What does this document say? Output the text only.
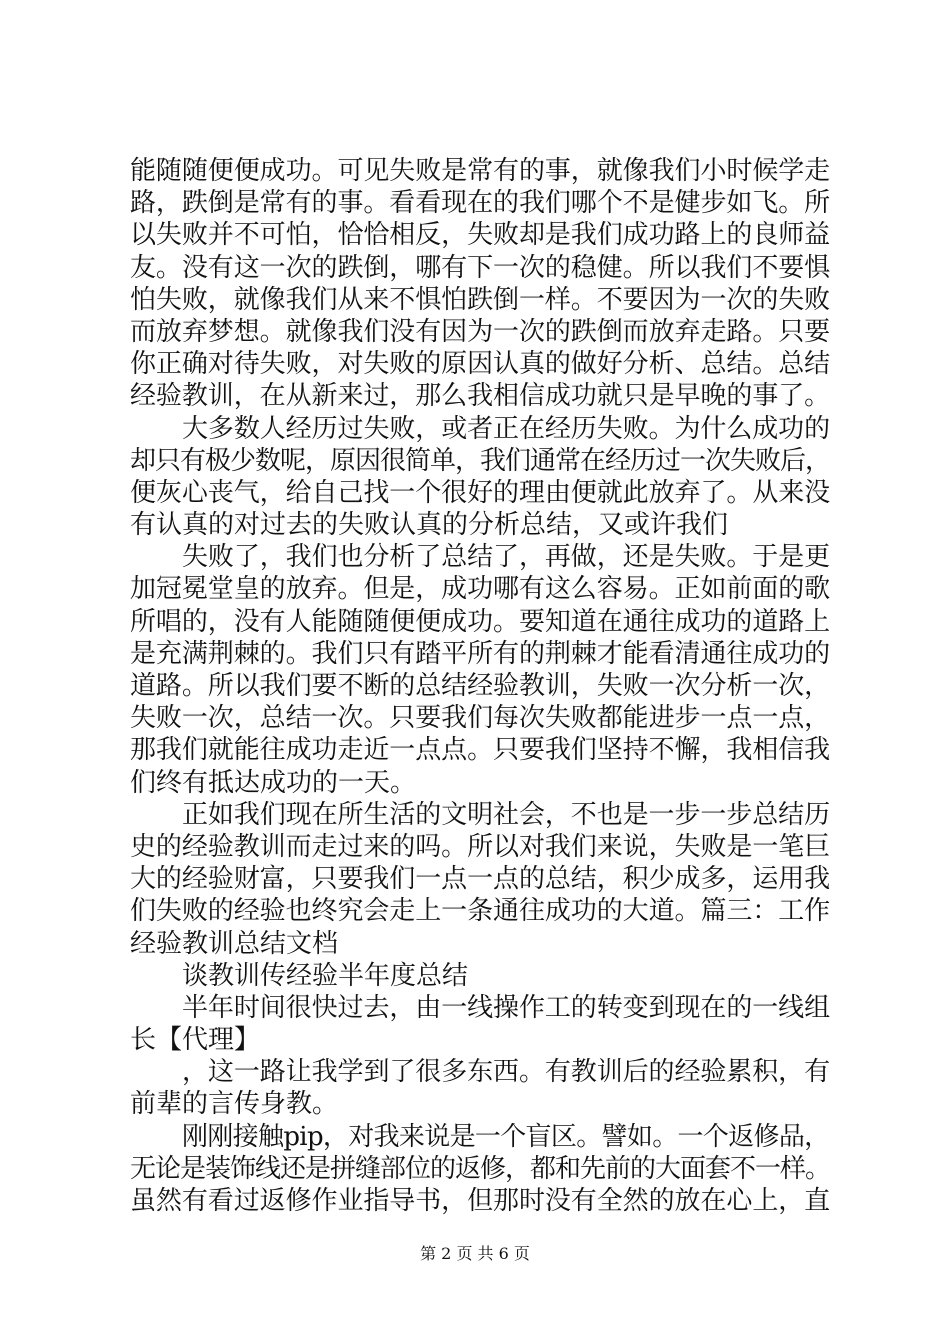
能随随便便成功。可见失败是常有的事，就像我们小时候学走
路，跌倒是常有的事。看看现在的我们哪个不是健步如飞。所
以失败并不可怕，恰恰相反，失败却是我们成功路上的良师益
友。没有这一次的跌倒，哪有下一次的稳健。所以我们不要惧
怕失败，就像我们从来不惧怕跌倒一样。不要因为一次的失败
而放弃梦想。就像我们没有因为一次的跌倒而放弃走路。只要
你正确对待失败，对失败的原因认真的做好分析、总结。总结
经验教训，在从新来过，那么我相信成功就只是早晚的事了。
大多数人经历过失败，或者正在经历失败。为什么成功的
却只有极少数呢，原因很简单，我们通常在经历过一次失败后，
便灰心丧气，给自己找一个很好的理由便就此放弃了。从来没
有认真的对过去的失败认真的分析总结，又或许我们
失败了，我们也分析了总结了，再做，还是失败。于是更
加冠冕堂皇的放弃。但是，成功哪有这么容易。正如前面的歌
所唱的，没有人能随随便便成功。要知道在通往成功的道路上
是充满荆棘的。我们只有踏平所有的荆棘才能看清通往成功的
道路。所以我们要不断的总结经验教训，失败一次分析一次，
失败一次，总结一次。只要我们每次失败都能进步一点一点，
那我们就能往成功走近一点点。只要我们坚持不懈，我相信我
们终有抵达成功的一天。
正如我们现在所生活的文明社会，不也是一步一步总结历
史的经验教训而走过来的吗。所以对我们来说，失败是一笔巨
大的经验财富，只要我们一点一点的总结，积少成多，运用我
们失败的经验也终究会走上一条通往成功的大道。篇三：工作
经验教训总结文档
谈教训传经验半年度总结
半年时间很快过去，由一线操作工的转变到现在的一线组
长【代理】
，这一路让我学到了很多东西。有教训后的经验累积，有
前辈的言传身教。
刚刚接触pip，对我来说是一个盲区。譬如。一个返修品，
无论是装饰线还是拼缝部位的返修，都和先前的大面套不一样。
虽然有看过返修作业指导书，但那时没有全然的放在心上，直
第 2 页 共 6 页
